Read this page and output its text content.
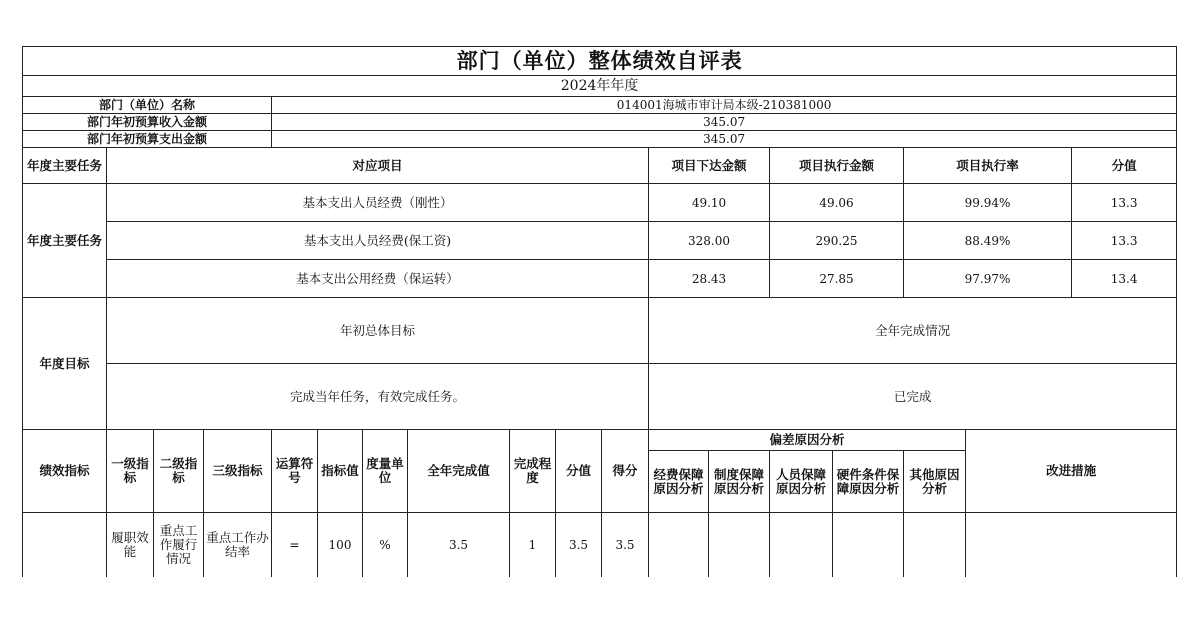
部门（单位）整体绩效自评表																		
2024年年度																		
部门（单位）名称				014001海城市审计局本级-210381000														
部门年初预算收入金额				345.07														
部门年初预算支出金额				345.07														
年度主要任务	对应项目										项目下达金额		项目执行金额		项目执行率		分值	
年度主要任务	基本支出人员经费（刚性）										49.10		49.06		99.94%		13.3	
	基本支出人员经费(保工资)										328.00		290.25		88.49%		13.3	
	基本支出公用经费（保运转）										28.43		27.85		97.97%		13.4	
年度目标	年初总体目标										全年完成情况							
	完成当年任务，有效完成任务。										已完成							
绩效指标	一级指标	二级指标	三级指标	运算符号	指标值	度量单位	全年完成值	完成程度	分值	得分	偏差原因分析					改进措施		
											经费保障原因分析	制度保障原因分析	人员保障原因分析	硬件条件保障原因分析	其他原因分析			
	履职效能	重点工作履行情况	重点工作办结率	=	100	%	3.5	1	3.5	3.5								
